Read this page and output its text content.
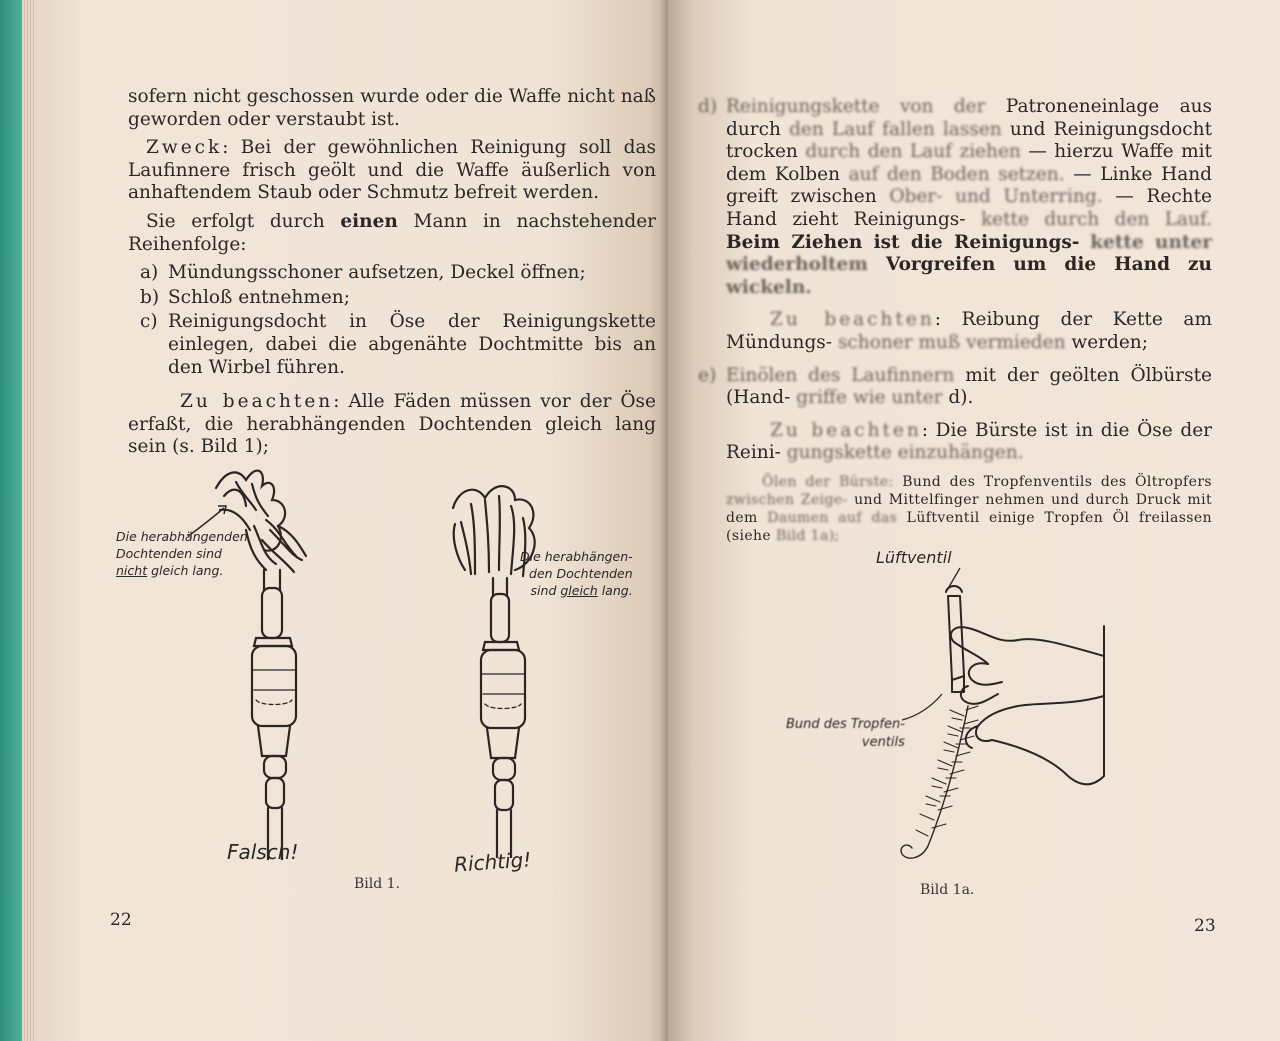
sofern nicht geschossen wurde oder die Waffe nicht naß geworden oder verstaubt ist.

Zweck: Bei der gewöhnlichen Reinigung soll das Laufinnere frisch geölt und die Waffe äußerlich von anhaftendem Staub oder Schmutz befreit werden.

Sie erfolgt durch einen Mann in nachstehender Reihenfolge:

a) Mündungsschoner aufsetzen, Deckel öffnen;
b) Schloß entnehmen;
c) Reinigungsdocht in Öse der Reinigungskette einlegen, dabei die abgenähte Dochtmitte bis an den Wirbel führen.

Zu beachten: Alle Fäden müssen vor der Öse erfaßt, die herabhängenden Dochtenden gleich lang sein (s. Bild 1);

Die herabhängenden
Dochtenden sind
nicht gleich lang.
Falsch!
Die herabhängen-
den Dochtenden
sind gleich lang.
Richtig!
Bild 1.
22
d) Reinigungskette von der Patroneneinlage aus durch den Lauf fallen lassen und Reinigungsdocht trocken durch den Lauf ziehen — hierzu Waffe mit dem Kolben auf den Boden setzen. — Linke Hand greift zwischen Ober- und Unterring. — Rechte Hand zieht Reinigungs- kette durch den Lauf. Beim Ziehen ist die Reinigungs- kette unter wiederholtem Vorgreifen um die Hand zu wickeln.

Zu beachten: Reibung der Kette am Mündungs- schoner muß vermieden werden;

e) Einölen des Laufinnern mit der geölten Ölbürste (Hand- griffe wie unter d).

Zu beachten: Die Bürste ist in die Öse der Reini- gungskette einzuhängen.

Ölen der Bürste: Bund des Tropfenventils des Öltropfers zwischen Zeige- und Mittelfinger nehmen und durch Druck mit dem Daumen auf das Lüftventil einige Tropfen Öl freilassen (siehe Bild 1a);

Lüftventil
Bund des Tropfen-
ventils
Bild 1a.
23
